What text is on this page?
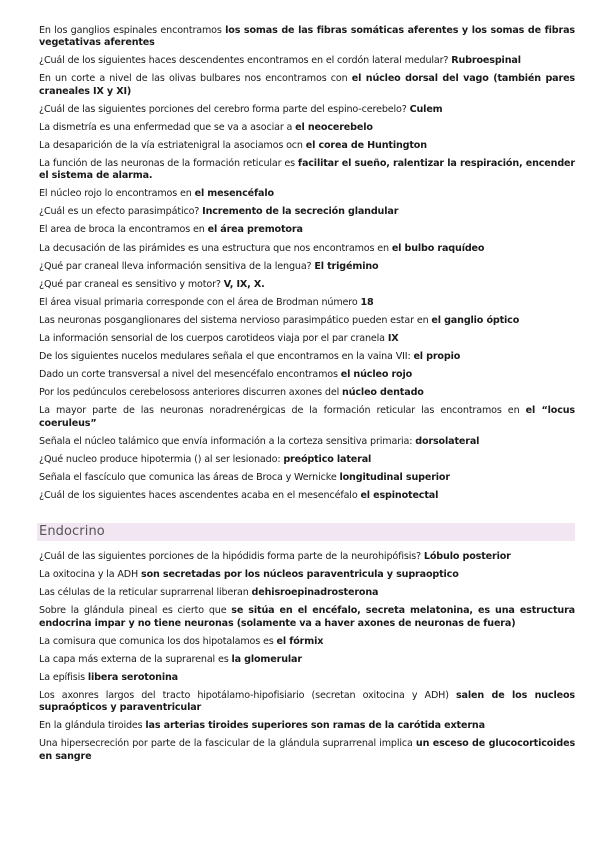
En los ganglios espinales encontramos los somas de las fibras somáticas aferentes y los somas de fibras vegetativas aferentes
¿Cuál de los siguientes haces descendentes encontramos en el cordón lateral medular? Rubroespinal
En un corte a nivel de las olivas bulbares nos encontramos con el núcleo dorsal del vago (también pares craneales IX y XI)
¿Cuál de las siguientes porciones del cerebro forma parte del espino-cerebelo? Culem
La dismetría es una enfermedad que se va a asociar a el neocerebelo
La desaparición de la vía estriatenigral la asociamos ocn el corea de Huntington
La función de las neuronas de la formación reticular es facilitar el sueño, ralentizar la respiración, encender el sistema de alarma.
El núcleo rojo lo encontramos en el mesencéfalo
¿Cuál es un efecto parasimpático? Incremento de la secreción glandular
El area de broca la encontramos en el área premotora
La decusación de las pirámides es una estructura que nos encontramos en el bulbo raquídeo
¿Qué par craneal lleva información sensitiva de la lengua? El trigémino
¿Qué par craneal es sensitivo y motor? V, IX, X.
El área visual primaria corresponde con el área de Brodman número 18
Las neuronas posganglionares del sistema nervioso parasimpático pueden estar en el ganglio óptico
La información sensorial de los cuerpos carotideos viaja por el par cranela IX
De los siguientes nucelos medulares señala el que encontramos en la vaina VII: el propio
Dado un corte transversal a nivel del mesencéfalo encontramos el núcleo rojo
Por los pedúnculos cerebelososs anteriores discurren axones del núcleo dentado
La mayor parte de las neuronas noradrenérgicas de la formación reticular las encontramos en el “locus coeruleus”
Señala el núcleo talámico que envía información a la corteza sensitiva primaria: dorsolateral
¿Qué nucleo produce hipotermia () al ser lesionado: preóptico lateral
Señala el fascículo que comunica las áreas de Broca y Wernicke longitudinal superior
¿Cuál de los siguientes haces ascendentes acaba en el mesencéfalo el espinotectal
Endocrino
¿Cuál de las siguientes porciones de la hipódidis forma parte de la neurohipófisis? Lóbulo posterior
La oxitocina y la ADH son secretadas por los núcleos paraventricula y supraoptico
Las células de la reticular suprarrenal liberan dehisroepinadrosterona
Sobre la glándula pineal es cierto que se sitúa en el encéfalo, secreta melatonina, es una estructura endocrina impar y no tiene neuronas (solamente va a haver axones de neuronas de fuera)
La comisura que comunica los dos hipotalamos es el fórmix
La capa más externa de la suprarenal es la glomerular
La epífisis libera serotonina
Los axonres largos del tracto hipotálamo-hipofisiario (secretan oxitocina y ADH) salen de los nucleos supraópticos y paraventricular
En la glándula tiroides las arterias tiroides superiores son ramas de la carótida externa
Una hipersecreción por parte de la fascicular de la glándula suprarrenal implica un esceso de glucocorticoides en sangre
